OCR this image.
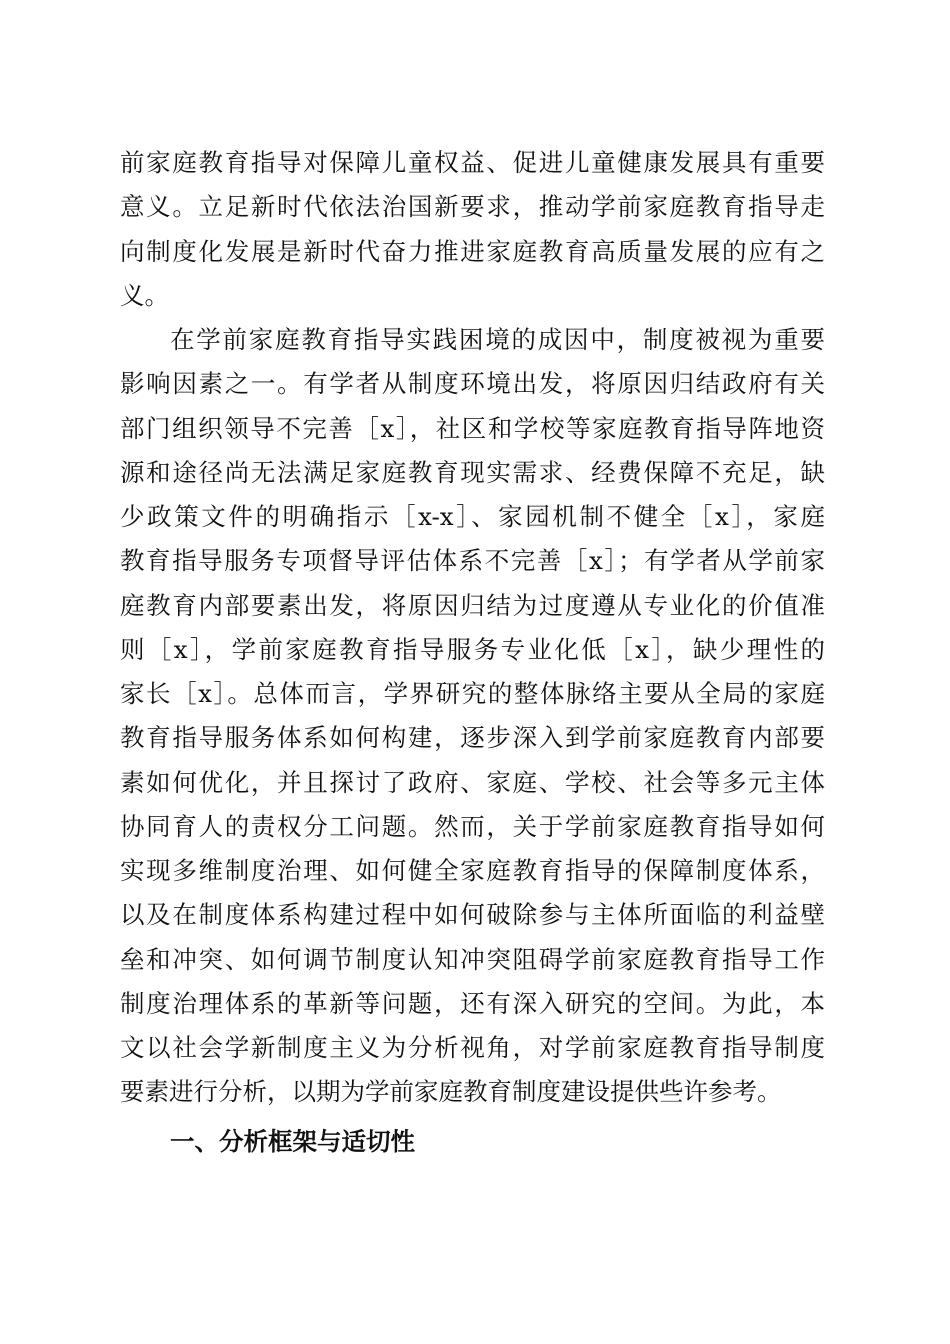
前家庭教育指导对保障儿童权益、促进儿童健康发展具有重要
意义。立足新时代依法治国新要求，推动学前家庭教育指导走
向制度化发展是新时代奋力推进家庭教育高质量发展的应有之
义。
在学前家庭教育指导实践困境的成因中，制度被视为重要
影响因素之一。有学者从制度环境出发，将原因归结政府有关
部门组织领导不完善［x］，社区和学校等家庭教育指导阵地资
源和途径尚无法满足家庭教育现实需求、经费保障不充足，缺
少政策文件的明确指示［x-x］、家园机制不健全［x］，家庭
教育指导服务专项督导评估体系不完善［x］；有学者从学前家
庭教育内部要素出发，将原因归结为过度遵从专业化的价值准
则［x］，学前家庭教育指导服务专业化低［x］，缺少理性的
家长［x］。总体而言，学界研究的整体脉络主要从全局的家庭
教育指导服务体系如何构建，逐步深入到学前家庭教育内部要
素如何优化，并且探讨了政府、家庭、学校、社会等多元主体
协同育人的责权分工问题。然而，关于学前家庭教育指导如何
实现多维制度治理、如何健全家庭教育指导的保障制度体系，
以及在制度体系构建过程中如何破除参与主体所面临的利益壁
垒和冲突、如何调节制度认知冲突阻碍学前家庭教育指导工作
制度治理体系的革新等问题，还有深入研究的空间。为此，本
文以社会学新制度主义为分析视角，对学前家庭教育指导制度
要素进行分析，以期为学前家庭教育制度建设提供些许参考。
一、分析框架与适切性
